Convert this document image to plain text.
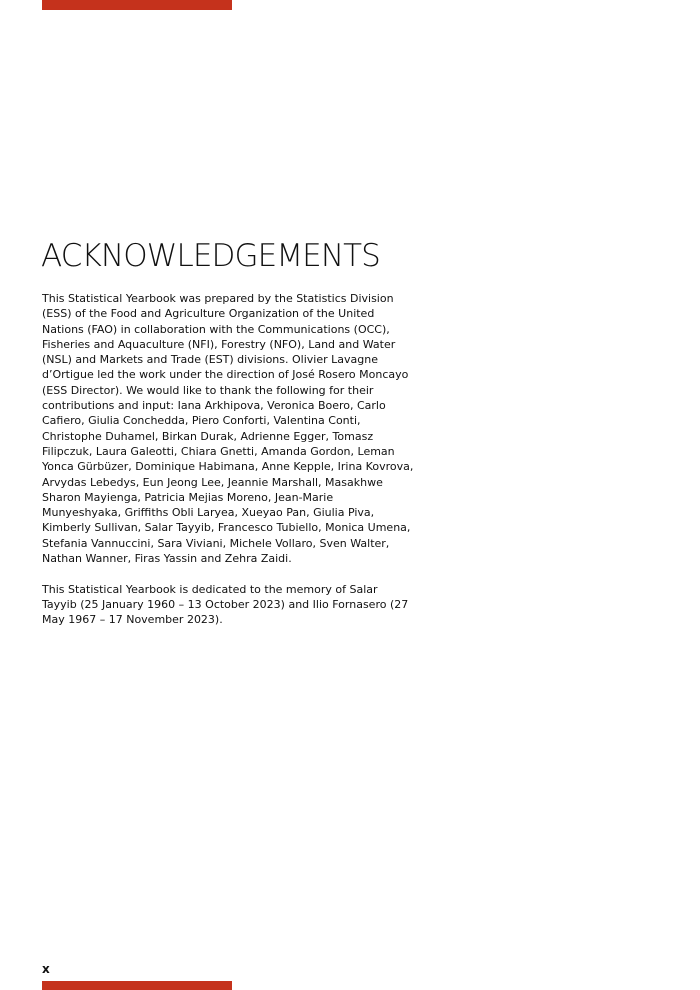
ACKNOWLEDGEMENTS

This Statistical Yearbook was prepared by the Statistics Division (ESS) of the Food and Agriculture Organization of the United Nations (FAO) in collaboration with the Communications (OCC), Fisheries and Aquaculture (NFI), Forestry (NFO), Land and Water (NSL) and Markets and Trade (EST) divisions. Olivier Lavagne d’Ortigue led the work under the direction of José Rosero Moncayo (ESS Director). We would like to thank the following for their contributions and input: Iana Arkhipova, Veronica Boero, Carlo Cafiero, Giulia Conchedda, Piero Conforti, Valentina Conti, Christophe Duhamel, Birkan Durak, Adrienne Egger, Tomasz Filipczuk, Laura Galeotti, Chiara Gnetti, Amanda Gordon, Leman Yonca Gürbüzer, Dominique Habimana, Anne Kepple, Irina Kovrova, Arvydas Lebedys, Eun Jeong Lee, Jeannie Marshall, Masakhwe Sharon Mayienga, Patricia Mejias Moreno, Jean-Marie Munyeshyaka, Griffiths Obli Laryea, Xueyao Pan, Giulia Piva, Kimberly Sullivan, Salar Tayyib, Francesco Tubiello, Monica Umena, Stefania Vannuccini, Sara Viviani, Michele Vollaro, Sven Walter, Nathan Wanner, Firas Yassin and Zehra Zaidi.

This Statistical Yearbook is dedicated to the memory of Salar Tayyib (25 January 1960 – 13 October 2023) and Ilio Fornasero (27 May 1967 – 17 November 2023).

x
